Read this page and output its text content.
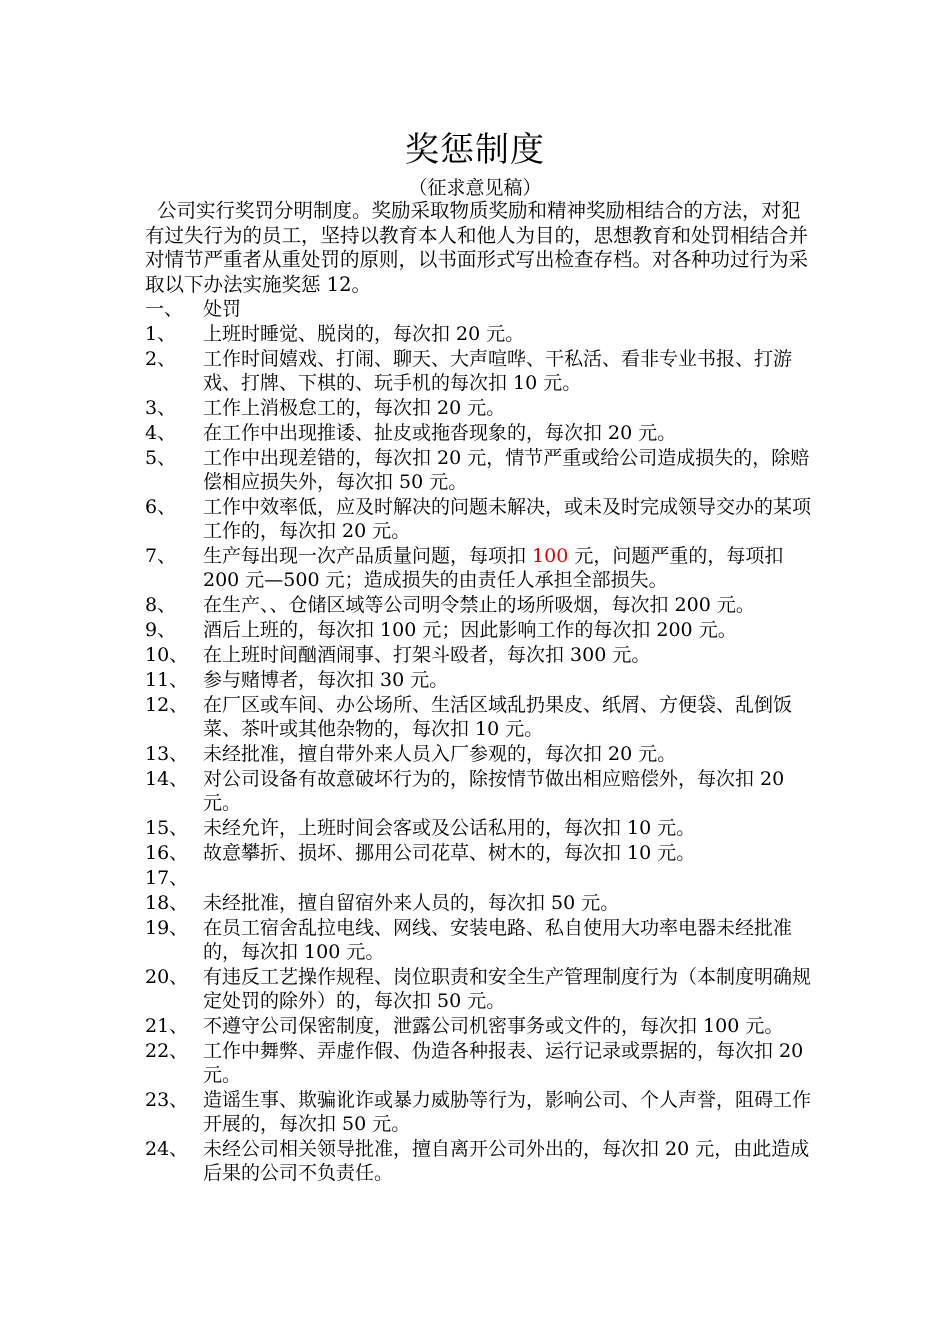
奖惩制度
（征求意见稿）

公司实行奖罚分明制度。奖励采取物质奖励和精神奖励相结合的方法，对犯有过失行为的员工，坚持以教育本人和他人为目的，思想教育和处罚相结合并对情节严重者从重处罚的原则，以书面形式写出检查存档。对各种功过行为采取以下办法实施奖惩 12。

一、 处罚
1、	上班时睡觉、脱岗的，每次扣 20 元。
2、	工作时间嬉戏、打闹、聊天、大声喧哗、干私活、看非专业书报、打游戏、打牌、下棋的、玩手机的每次扣 10 元。
3、	工作上消极怠工的，每次扣 20 元。
4、	在工作中出现推诿、扯皮或拖沓现象的，每次扣 20 元。
5、	工作中出现差错的，每次扣 20 元，情节严重或给公司造成损失的，除赔偿相应损失外，每次扣 50 元。
6、	工作中效率低，应及时解决的问题未解决，或未及时完成领导交办的某项工作的，每次扣 20 元。
7、	生产每出现一次产品质量问题，每项扣 100 元，问题严重的，每项扣 200 元—500 元；造成损失的由责任人承担全部损失。
8、	在生产、、仓储区域等公司明令禁止的场所吸烟，每次扣 200 元。
9、	酒后上班的，每次扣 100 元；因此影响工作的每次扣 200 元。
10、 在上班时间酗酒闹事、打架斗殴者，每次扣 300 元。
11、 参与赌博者，每次扣 30 元。
12、 在厂区或车间、办公场所、生活区域乱扔果皮、纸屑、方便袋、乱倒饭菜、茶叶或其他杂物的，每次扣 10 元。
13、 未经批准，擅自带外来人员入厂参观的，每次扣 20 元。
14、 对公司设备有故意破坏行为的，除按情节做出相应赔偿外，每次扣 20 元。
15、 未经允许，上班时间会客或及公话私用的，每次扣 10 元。
16、 故意攀折、损坏、挪用公司花草、树木的，每次扣 10 元。
17、
18、 未经批准，擅自留宿外来人员的，每次扣 50 元。
19、 在员工宿舍乱拉电线、网线、安装电路、私自使用大功率电器未经批准的，每次扣 100 元。
20、 有违反工艺操作规程、岗位职责和安全生产管理制度行为（本制度明确规定处罚的除外）的，每次扣 50 元。
21、 不遵守公司保密制度，泄露公司机密事务或文件的，每次扣 100 元。
22、 工作中舞弊、弄虚作假、伪造各种报表、运行记录或票据的，每次扣 20 元。
23、 造谣生事、欺骗讹诈或暴力威胁等行为，影响公司、个人声誉，阻碍工作开展的，每次扣 50 元。
24、 未经公司相关领导批准，擅自离开公司外出的，每次扣 20 元，由此造成后果的公司不负责任。
